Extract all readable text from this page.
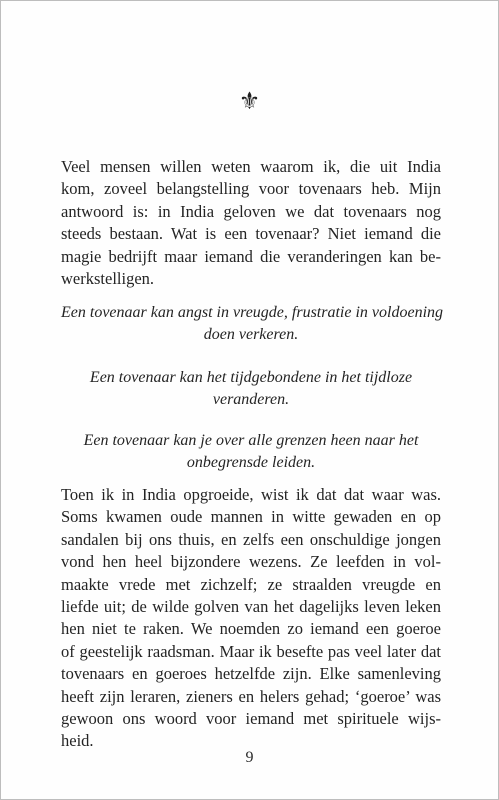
⚜
Veel mensen willen weten waarom ik, die uit India
kom, zoveel belangstelling voor tovenaars heb. Mijn
antwoord is: in India geloven we dat tovenaars nog
steeds bestaan. Wat is een tovenaar? Niet iemand die
magie bedrijft maar iemand die veranderingen kan be-
werkstelligen.
Een tovenaar kan angst in vreugde, frustratie in voldoening
doen verkeren.
Een tovenaar kan het tijdgebondene in het tijdloze
veranderen.
Een tovenaar kan je over alle grenzen heen naar het
onbegrensde leiden.
Toen ik in India opgroeide, wist ik dat dat waar was.
Soms kwamen oude mannen in witte gewaden en op
sandalen bij ons thuis, en zelfs een onschuldige jongen
vond hen heel bijzondere wezens. Ze leefden in vol-
maakte vrede met zichzelf; ze straalden vreugde en
liefde uit; de wilde golven van het dagelijks leven leken
hen niet te raken. We noemden zo iemand een goeroe
of geestelijk raadsman. Maar ik besefte pas veel later dat
tovenaars en goeroes hetzelfde zijn. Elke samenleving
heeft zijn leraren, zieners en helers gehad; ‘goeroe’ was
gewoon ons woord voor iemand met spirituele wijs-
heid.
9
